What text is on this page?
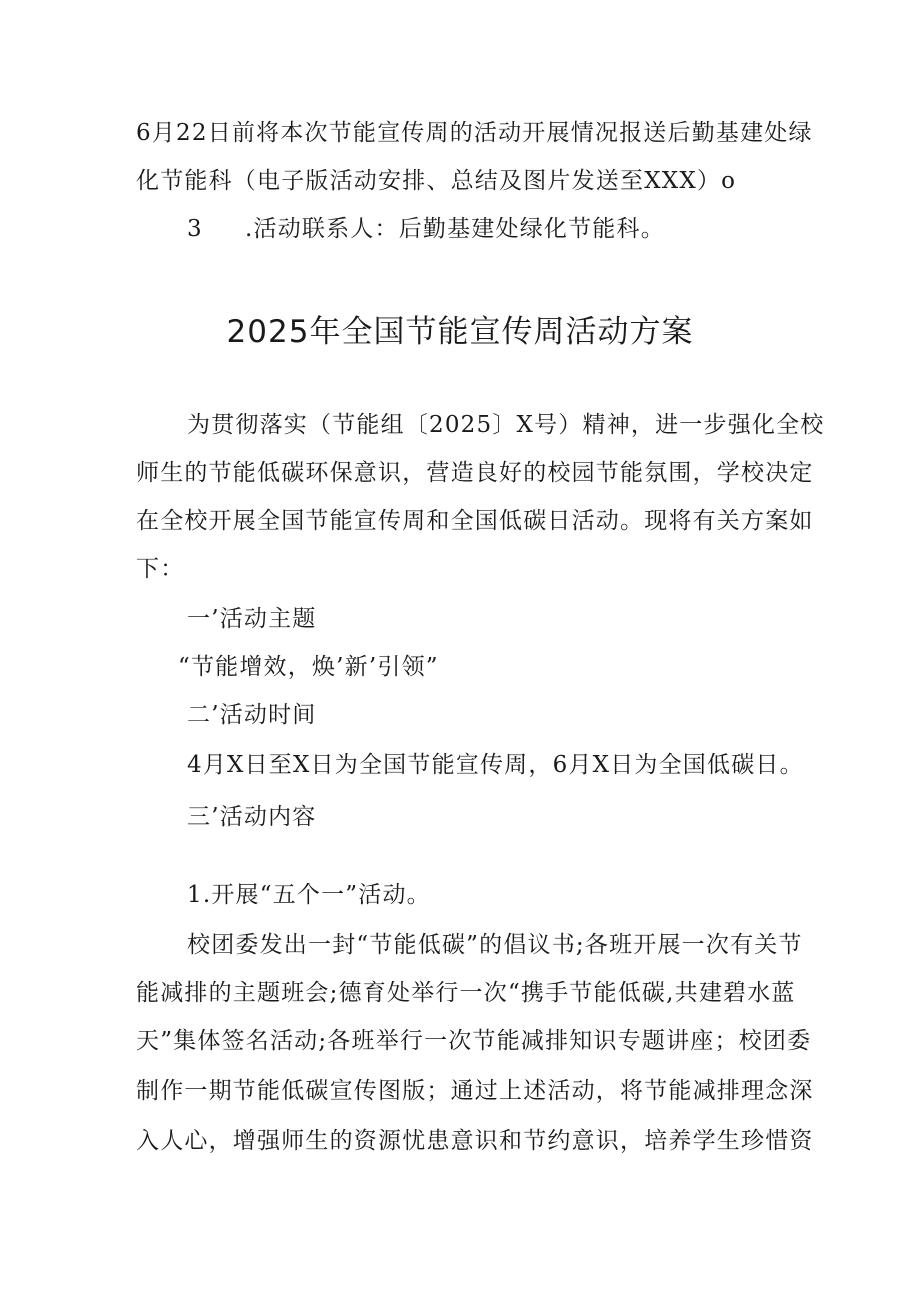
6月22日前将本次节能宣传周的活动开展情况报送后勤基建处绿
化节能科（电子版活动安排、总结及图片发送至XXX）o
3 .活动联系人：后勤基建处绿化节能科。
2025年全国节能宣传周活动方案
为贯彻落实（节能组〔2025〕X号）精神，进一步强化全校
师生的节能低碳环保意识，营造良好的校园节能氛围，学校决定
在全校开展全国节能宣传周和全国低碳日活动。现将有关方案如
下：
一’活动主题
“节能增效，焕’新’引领”
二’活动时间
4月X日至X日为全国节能宣传周，6月X日为全国低碳日。
三’活动内容
1.开展“五个一”活动。
校团委发出一封“节能低碳”的倡议书;各班开展一次有关节
能减排的主题班会;德育处举行一次“携手节能低碳,共建碧水蓝
天”集体签名活动;各班举行一次节能减排知识专题讲座；校团委
制作一期节能低碳宣传图版；通过上述活动，将节能减排理念深
入人心，增强师生的资源忧患意识和节约意识，培养学生珍惜资
